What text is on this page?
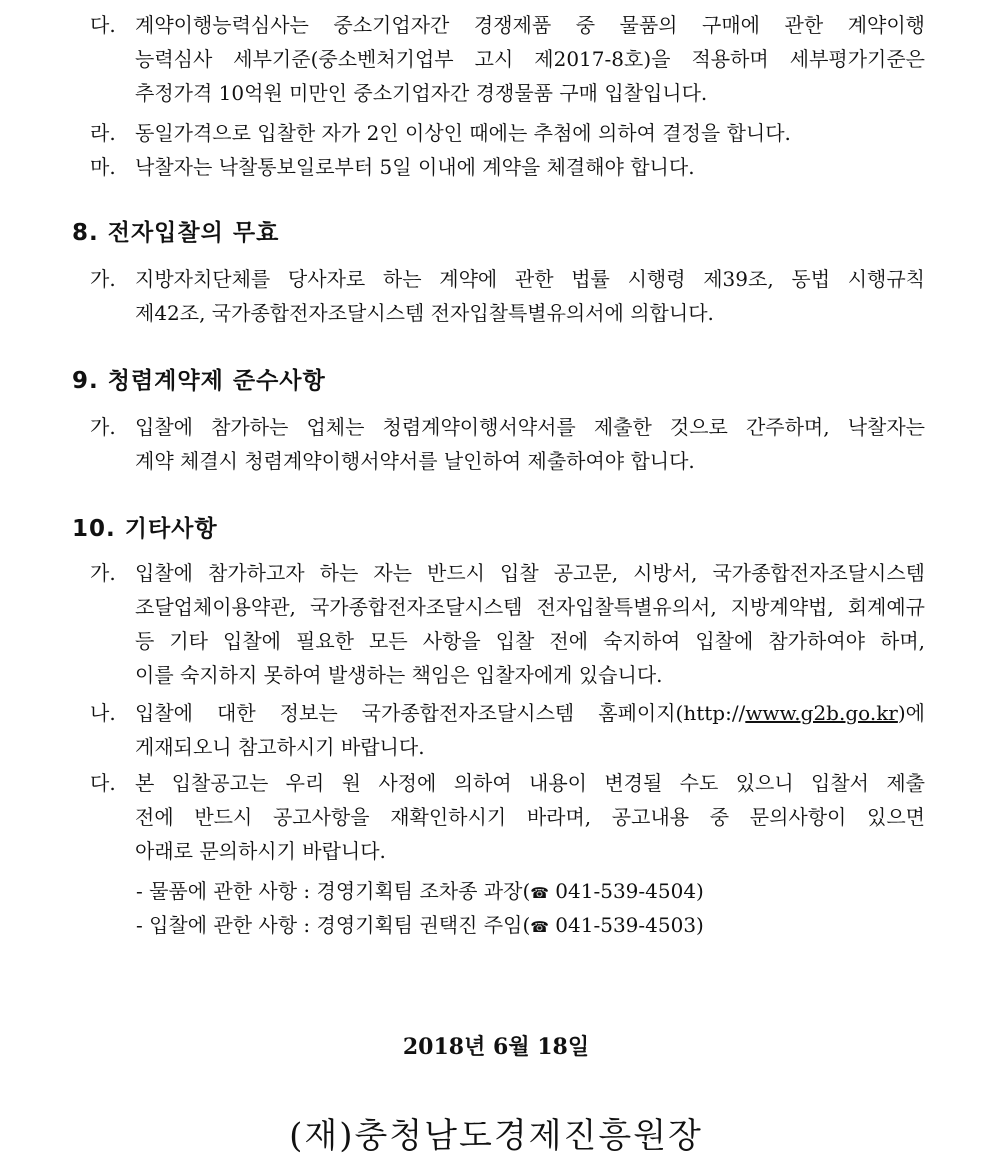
다. 계약이행능력심사는 중소기업자간 경쟁제품 중 물품의 구매에 관한 계약이행
능력심사 세부기준(중소벤처기업부 고시 제2017-8호)을 적용하며 세부평가기준은
추정가격 10억원 미만인 중소기업자간 경쟁물품 구매 입찰입니다.
라. 동일가격으로 입찰한 자가 2인 이상인 때에는 추첨에 의하여 결정을 합니다.
마. 낙찰자는 낙찰통보일로부터 5일 이내에 계약을 체결해야 합니다.
8. 전자입찰의 무효
가. 지방자치단체를 당사자로 하는 계약에 관한 법률 시행령 제39조, 동법 시행규칙
제42조, 국가종합전자조달시스템 전자입찰특별유의서에 의합니다.
9. 청렴계약제 준수사항
가. 입찰에 참가하는 업체는 청렴계약이행서약서를 제출한 것으로 간주하며, 낙찰자는
계약 체결시 청렴계약이행서약서를 날인하여 제출하여야 합니다.
10. 기타사항
가. 입찰에 참가하고자 하는 자는 반드시 입찰 공고문, 시방서, 국가종합전자조달시스템
조달업체이용약관, 국가종합전자조달시스템 전자입찰특별유의서, 지방계약법, 회계예규
등 기타 입찰에 필요한 모든 사항을 입찰 전에 숙지하여 입찰에 참가하여야 하며,
이를 숙지하지 못하여 발생하는 책임은 입찰자에게 있습니다.
나. 입찰에 대한 정보는 국가종합전자조달시스템 홈페이지(http://www.g2b.go.kr)에
게재되오니 참고하시기 바랍니다.
다. 본 입찰공고는 우리 원 사정에 의하여 내용이 변경될 수도 있으니 입찰서 제출
전에 반드시 공고사항을 재확인하시기 바라며, 공고내용 중 문의사항이 있으면
아래로 문의하시기 바랍니다.
- 물품에 관한 사항 : 경영기획팀 조차종 과장(☎ 041-539-4504)
- 입찰에 관한 사항 : 경영기획팀 권택진 주임(☎ 041-539-4503)
2018년 6월 18일
(재)충청남도경제진흥원장
